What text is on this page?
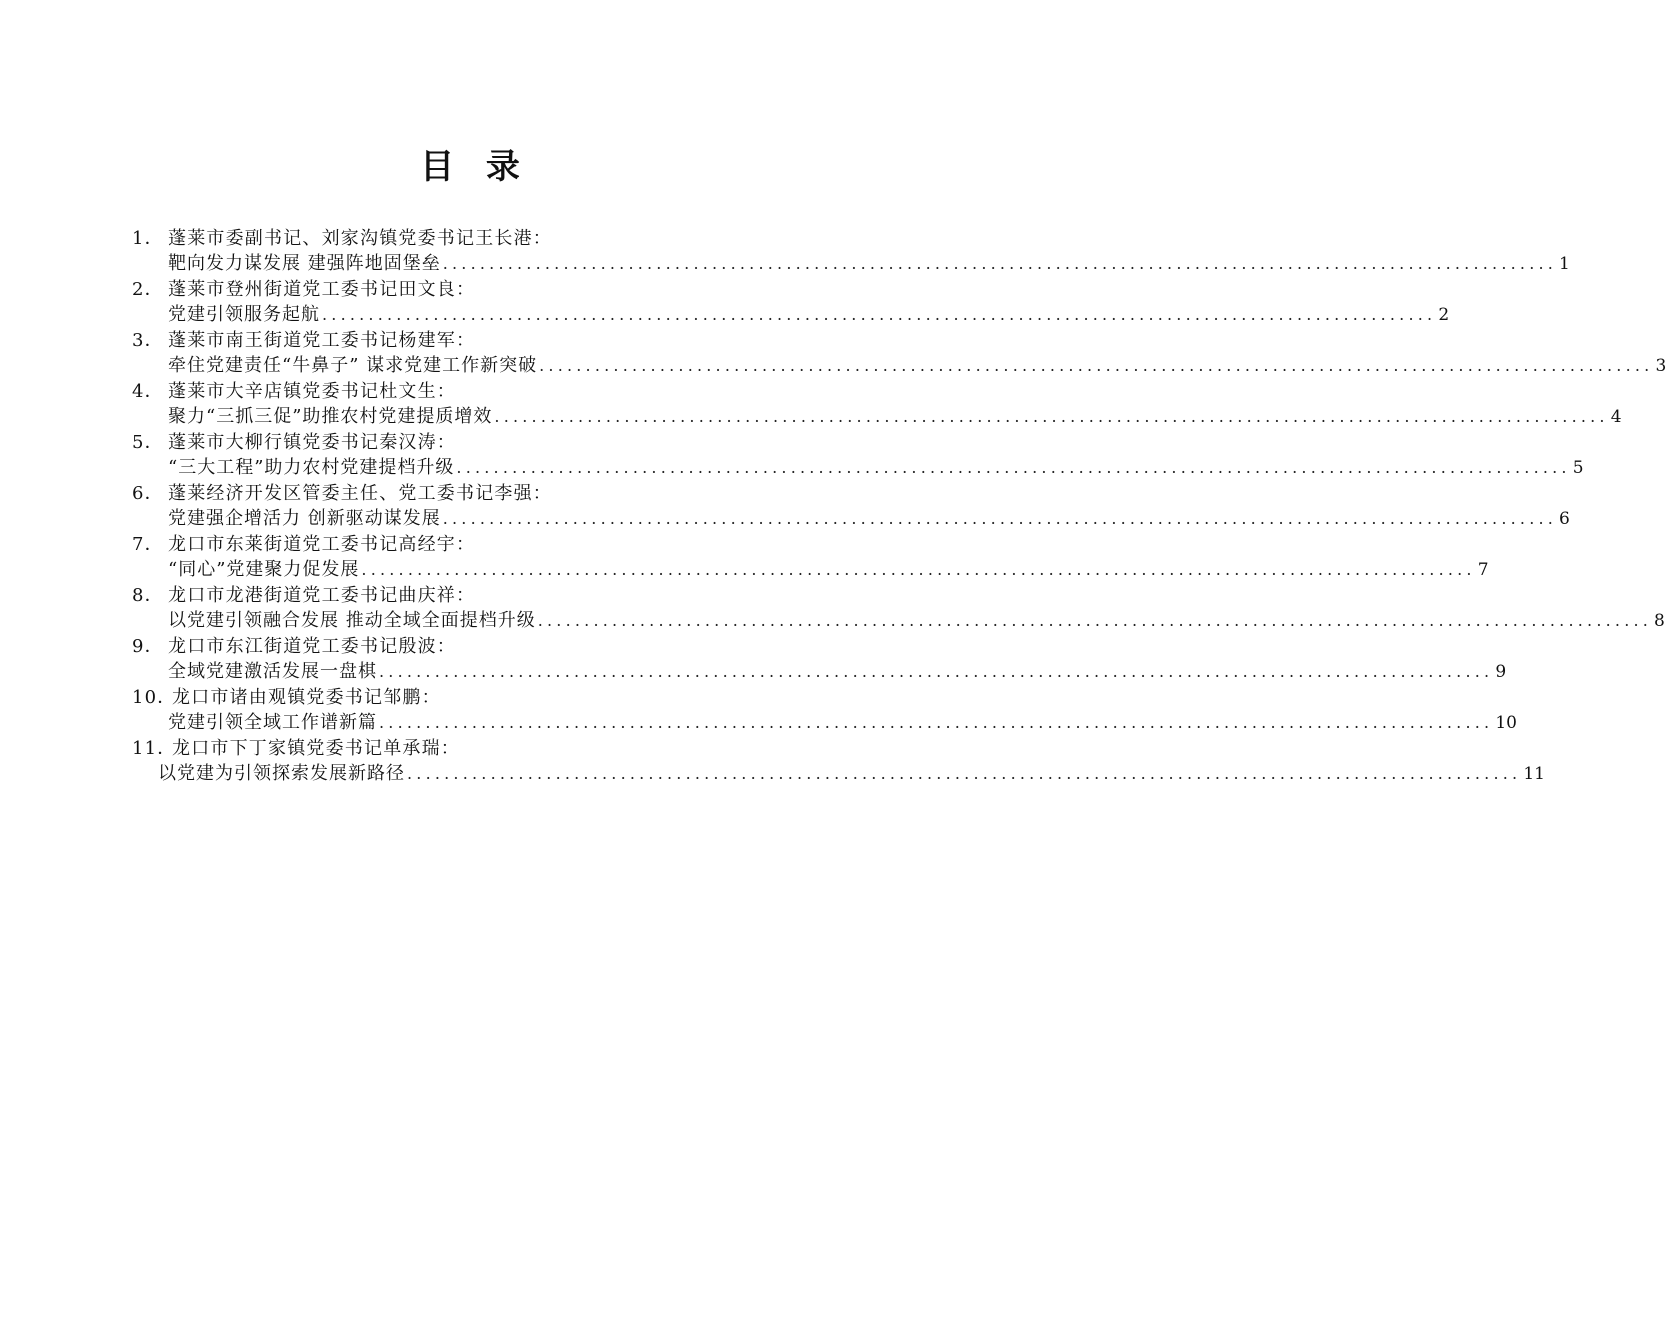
目 录
1． 蓬莱市委副书记、刘家沟镇党委书记王长港：
靶向发力谋发展 建强阵地固堡垒 ........................................................................................................................ 1
2． 蓬莱市登州街道党工委书记田文良：
党建引领服务起航 ........................................................................................................................ 2
3． 蓬莱市南王街道党工委书记杨建军：
牵住党建责任“牛鼻子” 谋求党建工作新突破 ........................................................................................................................ 3
4． 蓬莱市大辛店镇党委书记杜文生：
聚力“三抓三促”助推农村党建提质增效 ........................................................................................................................ 4
5． 蓬莱市大柳行镇党委书记秦汉涛：
“三大工程”助力农村党建提档升级 ........................................................................................................................ 5
6． 蓬莱经济开发区管委主任、党工委书记李强：
党建强企增活力 创新驱动谋发展 ........................................................................................................................ 6
7． 龙口市东莱街道党工委书记高经宇：
“同心”党建聚力促发展 ........................................................................................................................ 7
8． 龙口市龙港街道党工委书记曲庆祥：
以党建引领融合发展 推动全域全面提档升级 ........................................................................................................................ 8
9． 龙口市东江街道党工委书记殷波：
全域党建激活发展一盘棋 ........................................................................................................................ 9
10．
龙口市诸由观镇党委书记邹鹏：
党建引领全域工作谱新篇 ........................................................................................................................ 10
11．
龙口市下丁家镇党委书记单承瑞：
以党建为引领探索发展新路径 ........................................................................................................................ 11
